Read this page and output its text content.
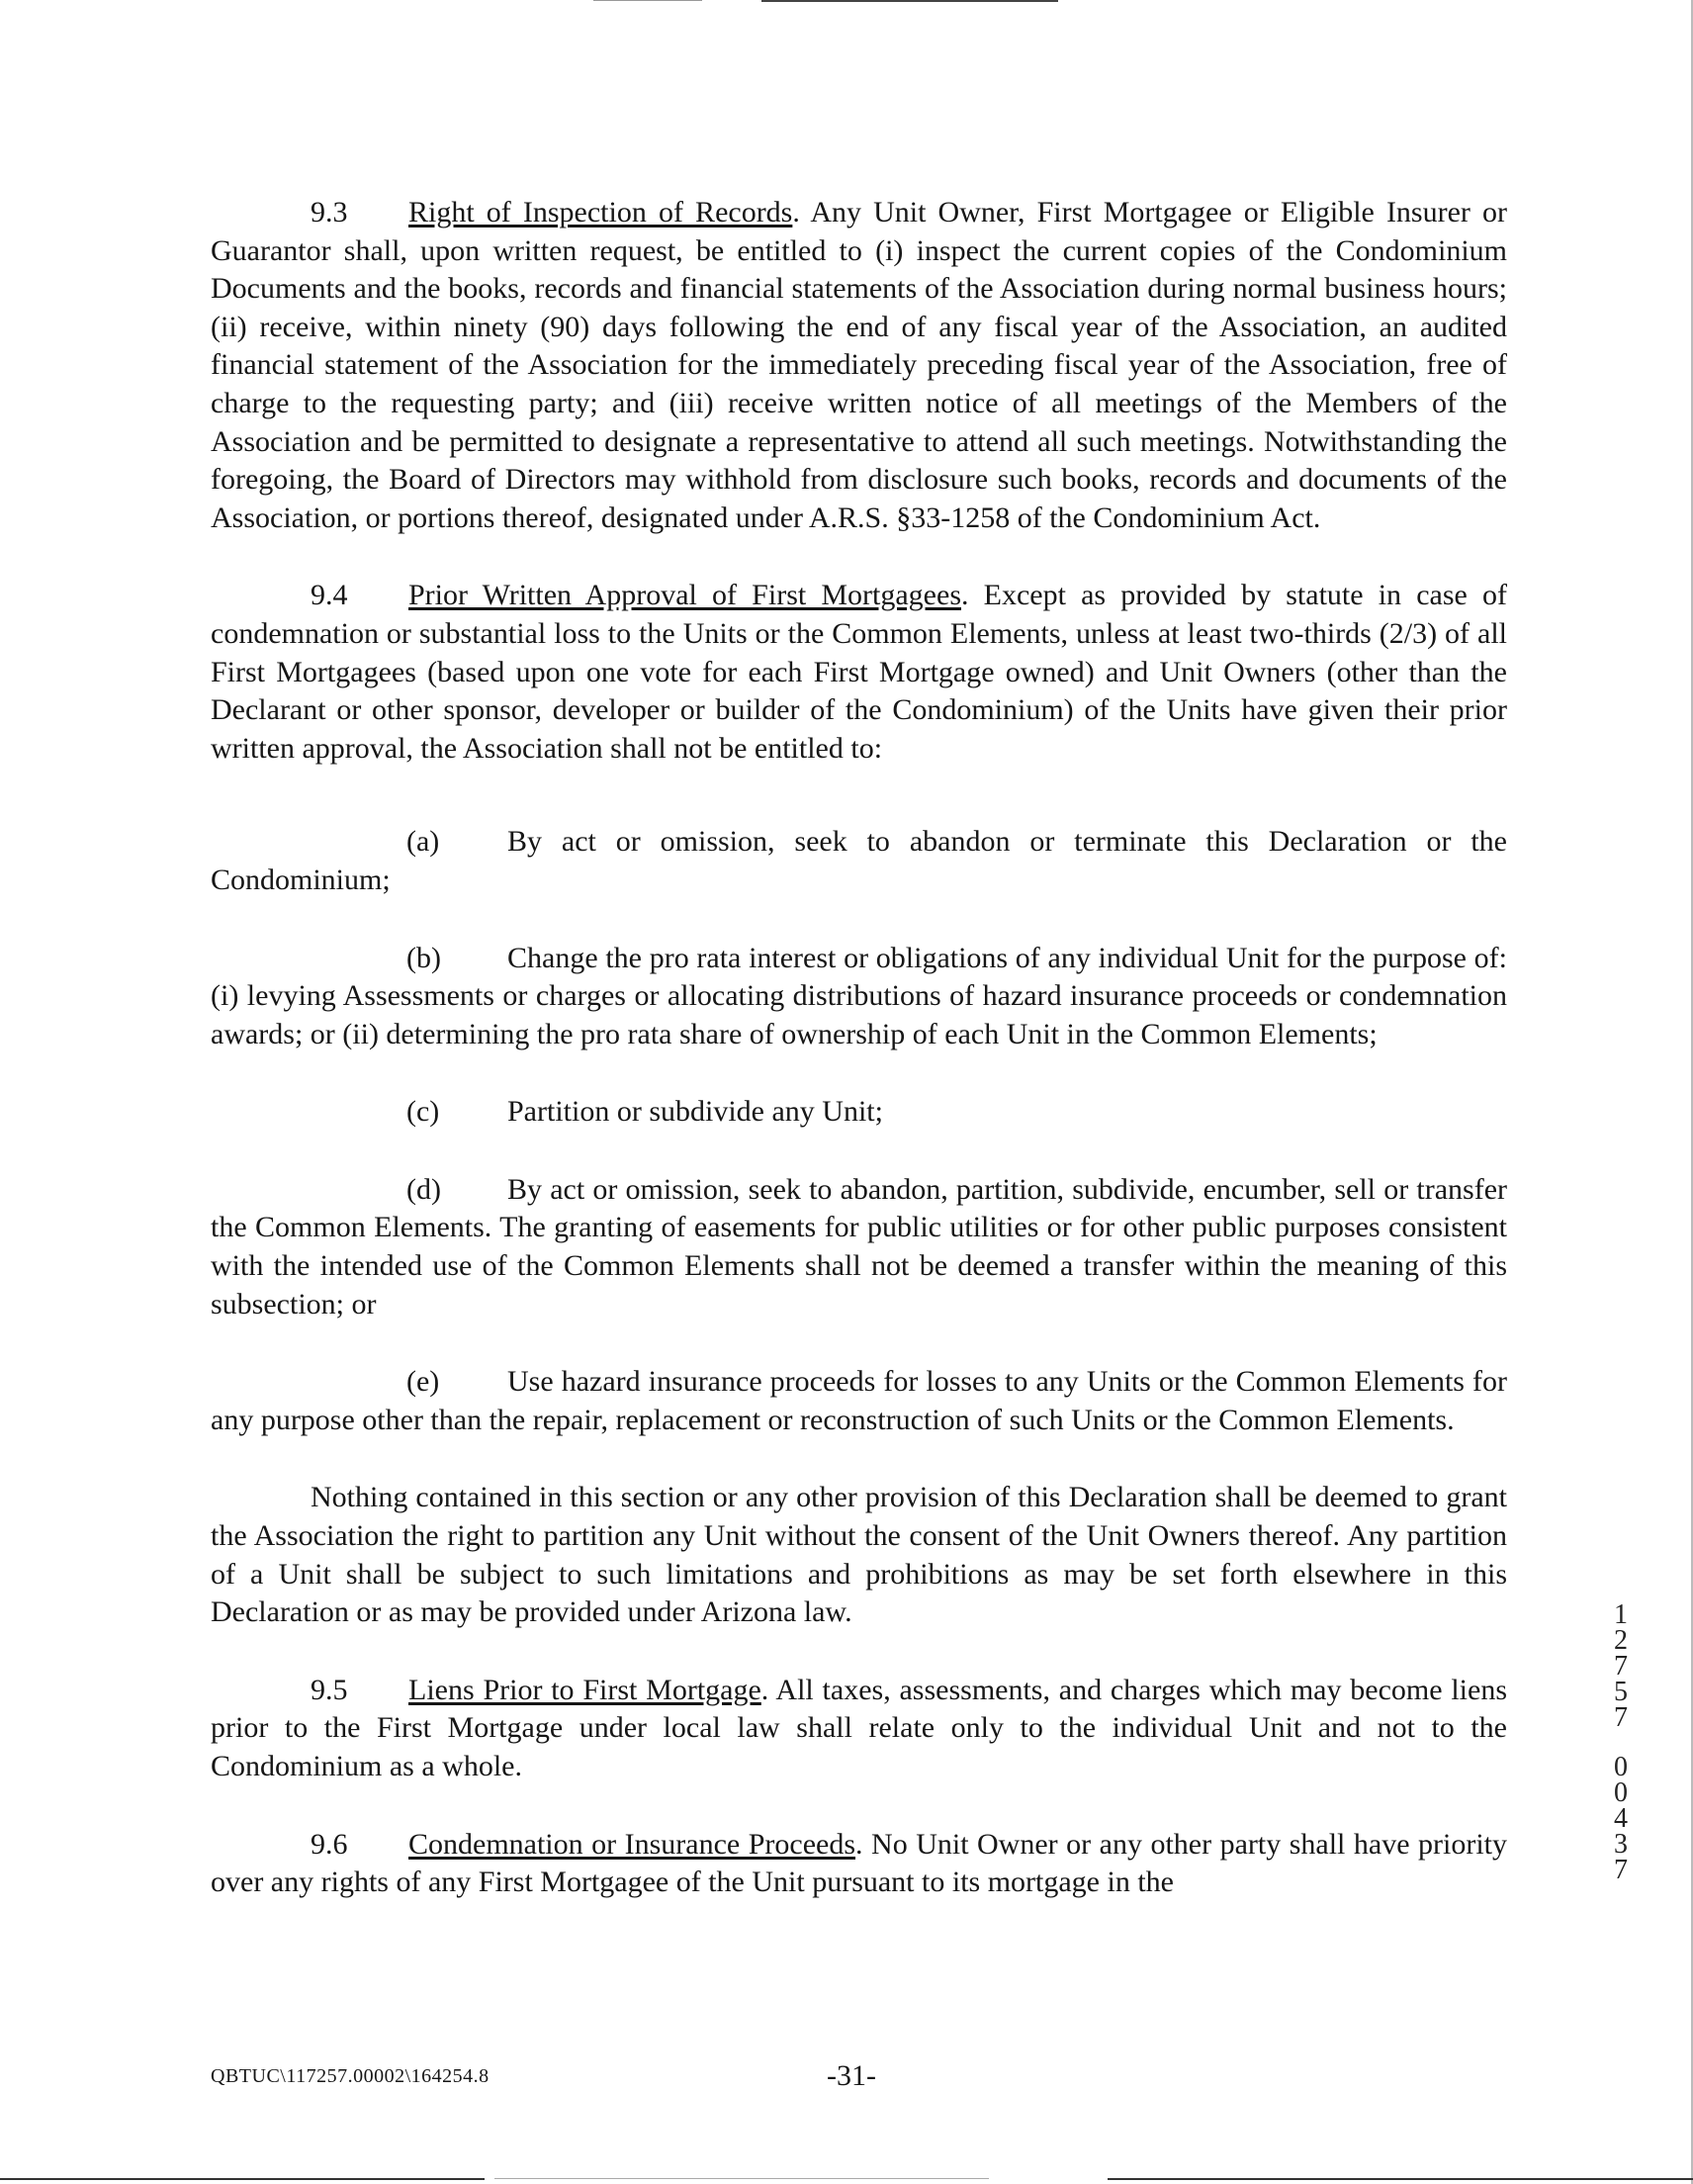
9.3 Right of Inspection of Records. Any Unit Owner, First Mortgagee or Eligible Insurer or Guarantor shall, upon written request, be entitled to (i) inspect the current copies of the Condominium Documents and the books, records and financial statements of the Association during normal business hours; (ii) receive, within ninety (90) days following the end of any fiscal year of the Association, an audited financial statement of the Association for the immediately preceding fiscal year of the Association, free of charge to the requesting party; and (iii) receive written notice of all meetings of the Members of the Association and be permitted to designate a representative to attend all such meetings. Notwithstanding the foregoing, the Board of Directors may withhold from disclosure such books, records and documents of the Association, or portions thereof, designated under A.R.S. §33-1258 of the Condominium Act.

9.4 Prior Written Approval of First Mortgagees. Except as provided by statute in case of condemnation or substantial loss to the Units or the Common Elements, unless at least two-thirds (2/3) of all First Mortgagees (based upon one vote for each First Mortgage owned) and Unit Owners (other than the Declarant or other sponsor, developer or builder of the Condominium) of the Units have given their prior written approval, the Association shall not be entitled to:

(a) By act or omission, seek to abandon or terminate this Declaration or the Condominium;

(b) Change the pro rata interest or obligations of any individual Unit for the purpose of: (i) levying Assessments or charges or allocating distributions of hazard insurance proceeds or condemnation awards; or (ii) determining the pro rata share of ownership of each Unit in the Common Elements;

(c) Partition or subdivide any Unit;

(d) By act or omission, seek to abandon, partition, subdivide, encumber, sell or transfer the Common Elements. The granting of easements for public utilities or for other public purposes consistent with the intended use of the Common Elements shall not be deemed a transfer within the meaning of this subsection; or

(e) Use hazard insurance proceeds for losses to any Units or the Common Elements for any purpose other than the repair, replacement or reconstruction of such Units or the Common Elements.

Nothing contained in this section or any other provision of this Declaration shall be deemed to grant the Association the right to partition any Unit without the consent of the Unit Owners thereof. Any partition of a Unit shall be subject to such limitations and prohibitions as may be set forth elsewhere in this Declaration or as may be provided under Arizona law.

9.5 Liens Prior to First Mortgage. All taxes, assessments, and charges which may become liens prior to the First Mortgage under local law shall relate only to the individual Unit and not to the Condominium as a whole.

9.6 Condemnation or Insurance Proceeds. No Unit Owner or any other party shall have priority over any rights of any First Mortgagee of the Unit pursuant to its mortgage in the

1
2
7
5
7
0
0
4
3
7
QBTUC\117257.00002\164254.8	-31-
